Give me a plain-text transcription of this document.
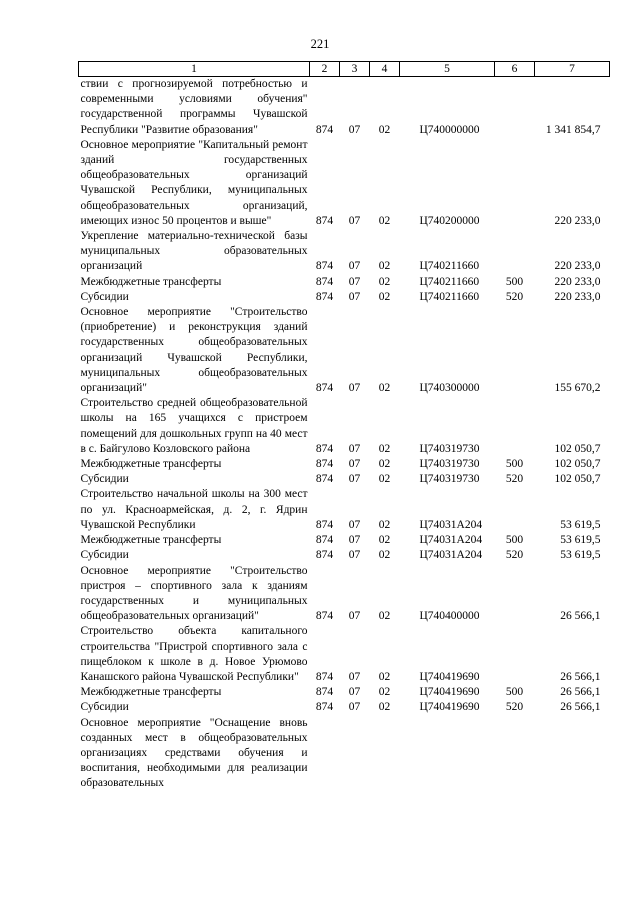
221
1	2	3	4	5	6	7
ствии с прогнозируемой потребностью и современными условиями обучения" государственной программы Чувашской Республики "Развитие образования"	874	07	02	Ц740000000		1 341 854,7
Основное мероприятие "Капитальный ремонт зданий государственных общеобразовательных организаций Чувашской Республики, муниципальных общеобразовательных организаций, имеющих износ 50 процентов и выше"	874	07	02	Ц740200000		220 233,0
Укрепление материально-технической базы муниципальных образовательных организаций	874	07	02	Ц740211660		220 233,0
Межбюджетные трансферты	874	07	02	Ц740211660	500	220 233,0
Субсидии	874	07	02	Ц740211660	520	220 233,0
Основное мероприятие "Строительство (приобретение) и реконструкция зданий государственных общеобразовательных организаций Чувашской Республики, муниципальных общеобразовательных организаций"	874	07	02	Ц740300000		155 670,2
Строительство средней общеобразовательной школы на 165 учащихся с пристроем помещений для дошкольных групп на 40 мест в с. Байгулово Козловского района	874	07	02	Ц740319730		102 050,7
Межбюджетные трансферты	874	07	02	Ц740319730	500	102 050,7
Субсидии	874	07	02	Ц740319730	520	102 050,7
Строительство начальной школы на 300 мест по ул. Красноармейская, д. 2, г. Ядрин Чувашской Республики	874	07	02	Ц74031А204		53 619,5
Межбюджетные трансферты	874	07	02	Ц74031А204	500	53 619,5
Субсидии	874	07	02	Ц74031А204	520	53 619,5
Основное мероприятие "Строительство пристроя – спортивного зала к зданиям государственных и муниципальных общеобразовательных организаций"	874	07	02	Ц740400000		26 566,1
Строительство объекта капитального строительства "Пристрой спортивного зала с пищеблоком к школе в д. Новое Урюмово Канашского района Чувашской Республики"	874	07	02	Ц740419690		26 566,1
Межбюджетные трансферты	874	07	02	Ц740419690	500	26 566,1
Субсидии	874	07	02	Ц740419690	520	26 566,1
Основное мероприятие "Оснащение вновь созданных мест в общеобразовательных организациях средствами обучения и воспитания, необходимыми для реализации образовательных						
